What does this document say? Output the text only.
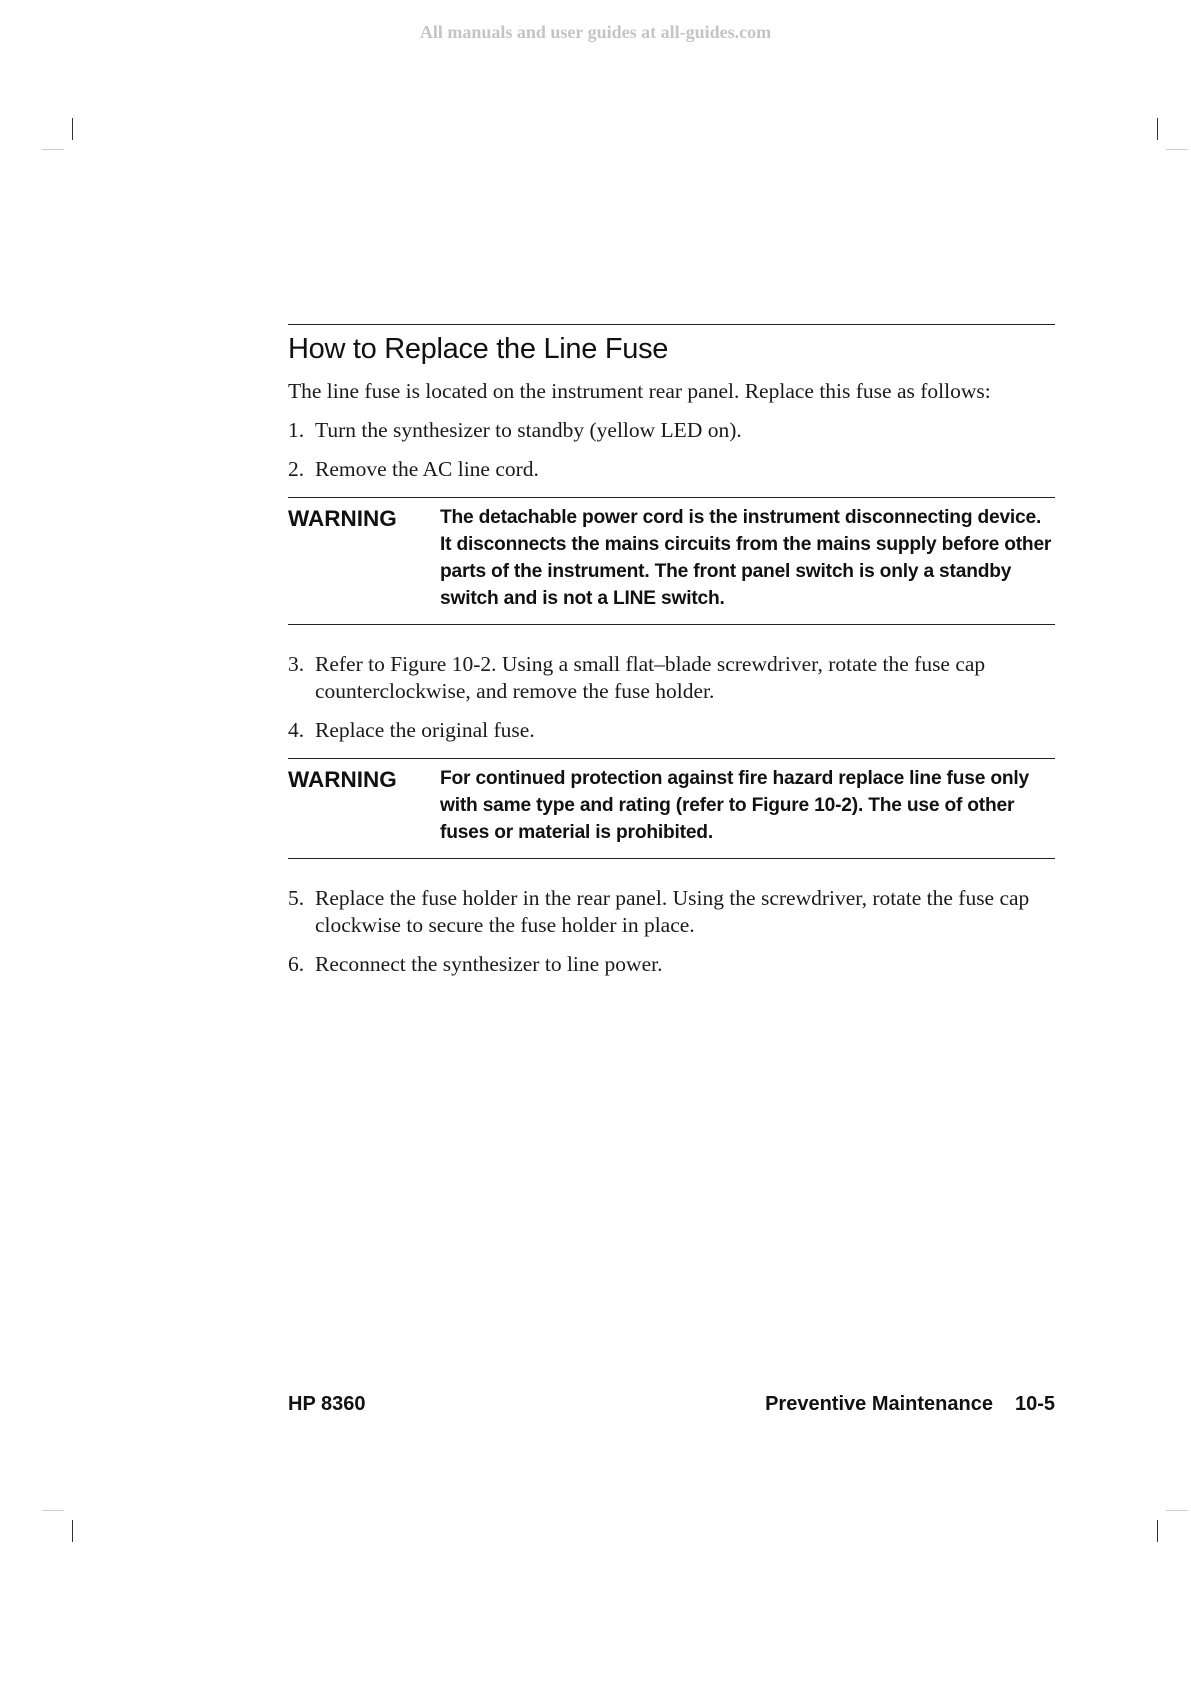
All manuals and user guides at all-guides.com
How to Replace the Line Fuse

The line fuse is located on the instrument rear panel. Replace this fuse as follows:

1. Turn the synthesizer to standby (yellow LED on).
2. Remove the AC line cord.
WARNING	The detachable power cord is the instrument disconnecting device. It disconnects the mains circuits from the mains supply before other parts of the instrument. The front panel switch is only a standby switch and is not a LINE switch.
3. Refer to Figure 10-2. Using a small flat–blade screwdriver, rotate the fuse cap counterclockwise, and remove the fuse holder.
4. Replace the original fuse.
WARNING	For continued protection against fire hazard replace line fuse only with same type and rating (refer to Figure 10-2). The use of other fuses or material is prohibited.
5. Replace the fuse holder in the rear panel. Using the screwdriver, rotate the fuse cap clockwise to secure the fuse holder in place.
6. Reconnect the synthesizer to line power.
HP 8360	Preventive Maintenance 10-5
